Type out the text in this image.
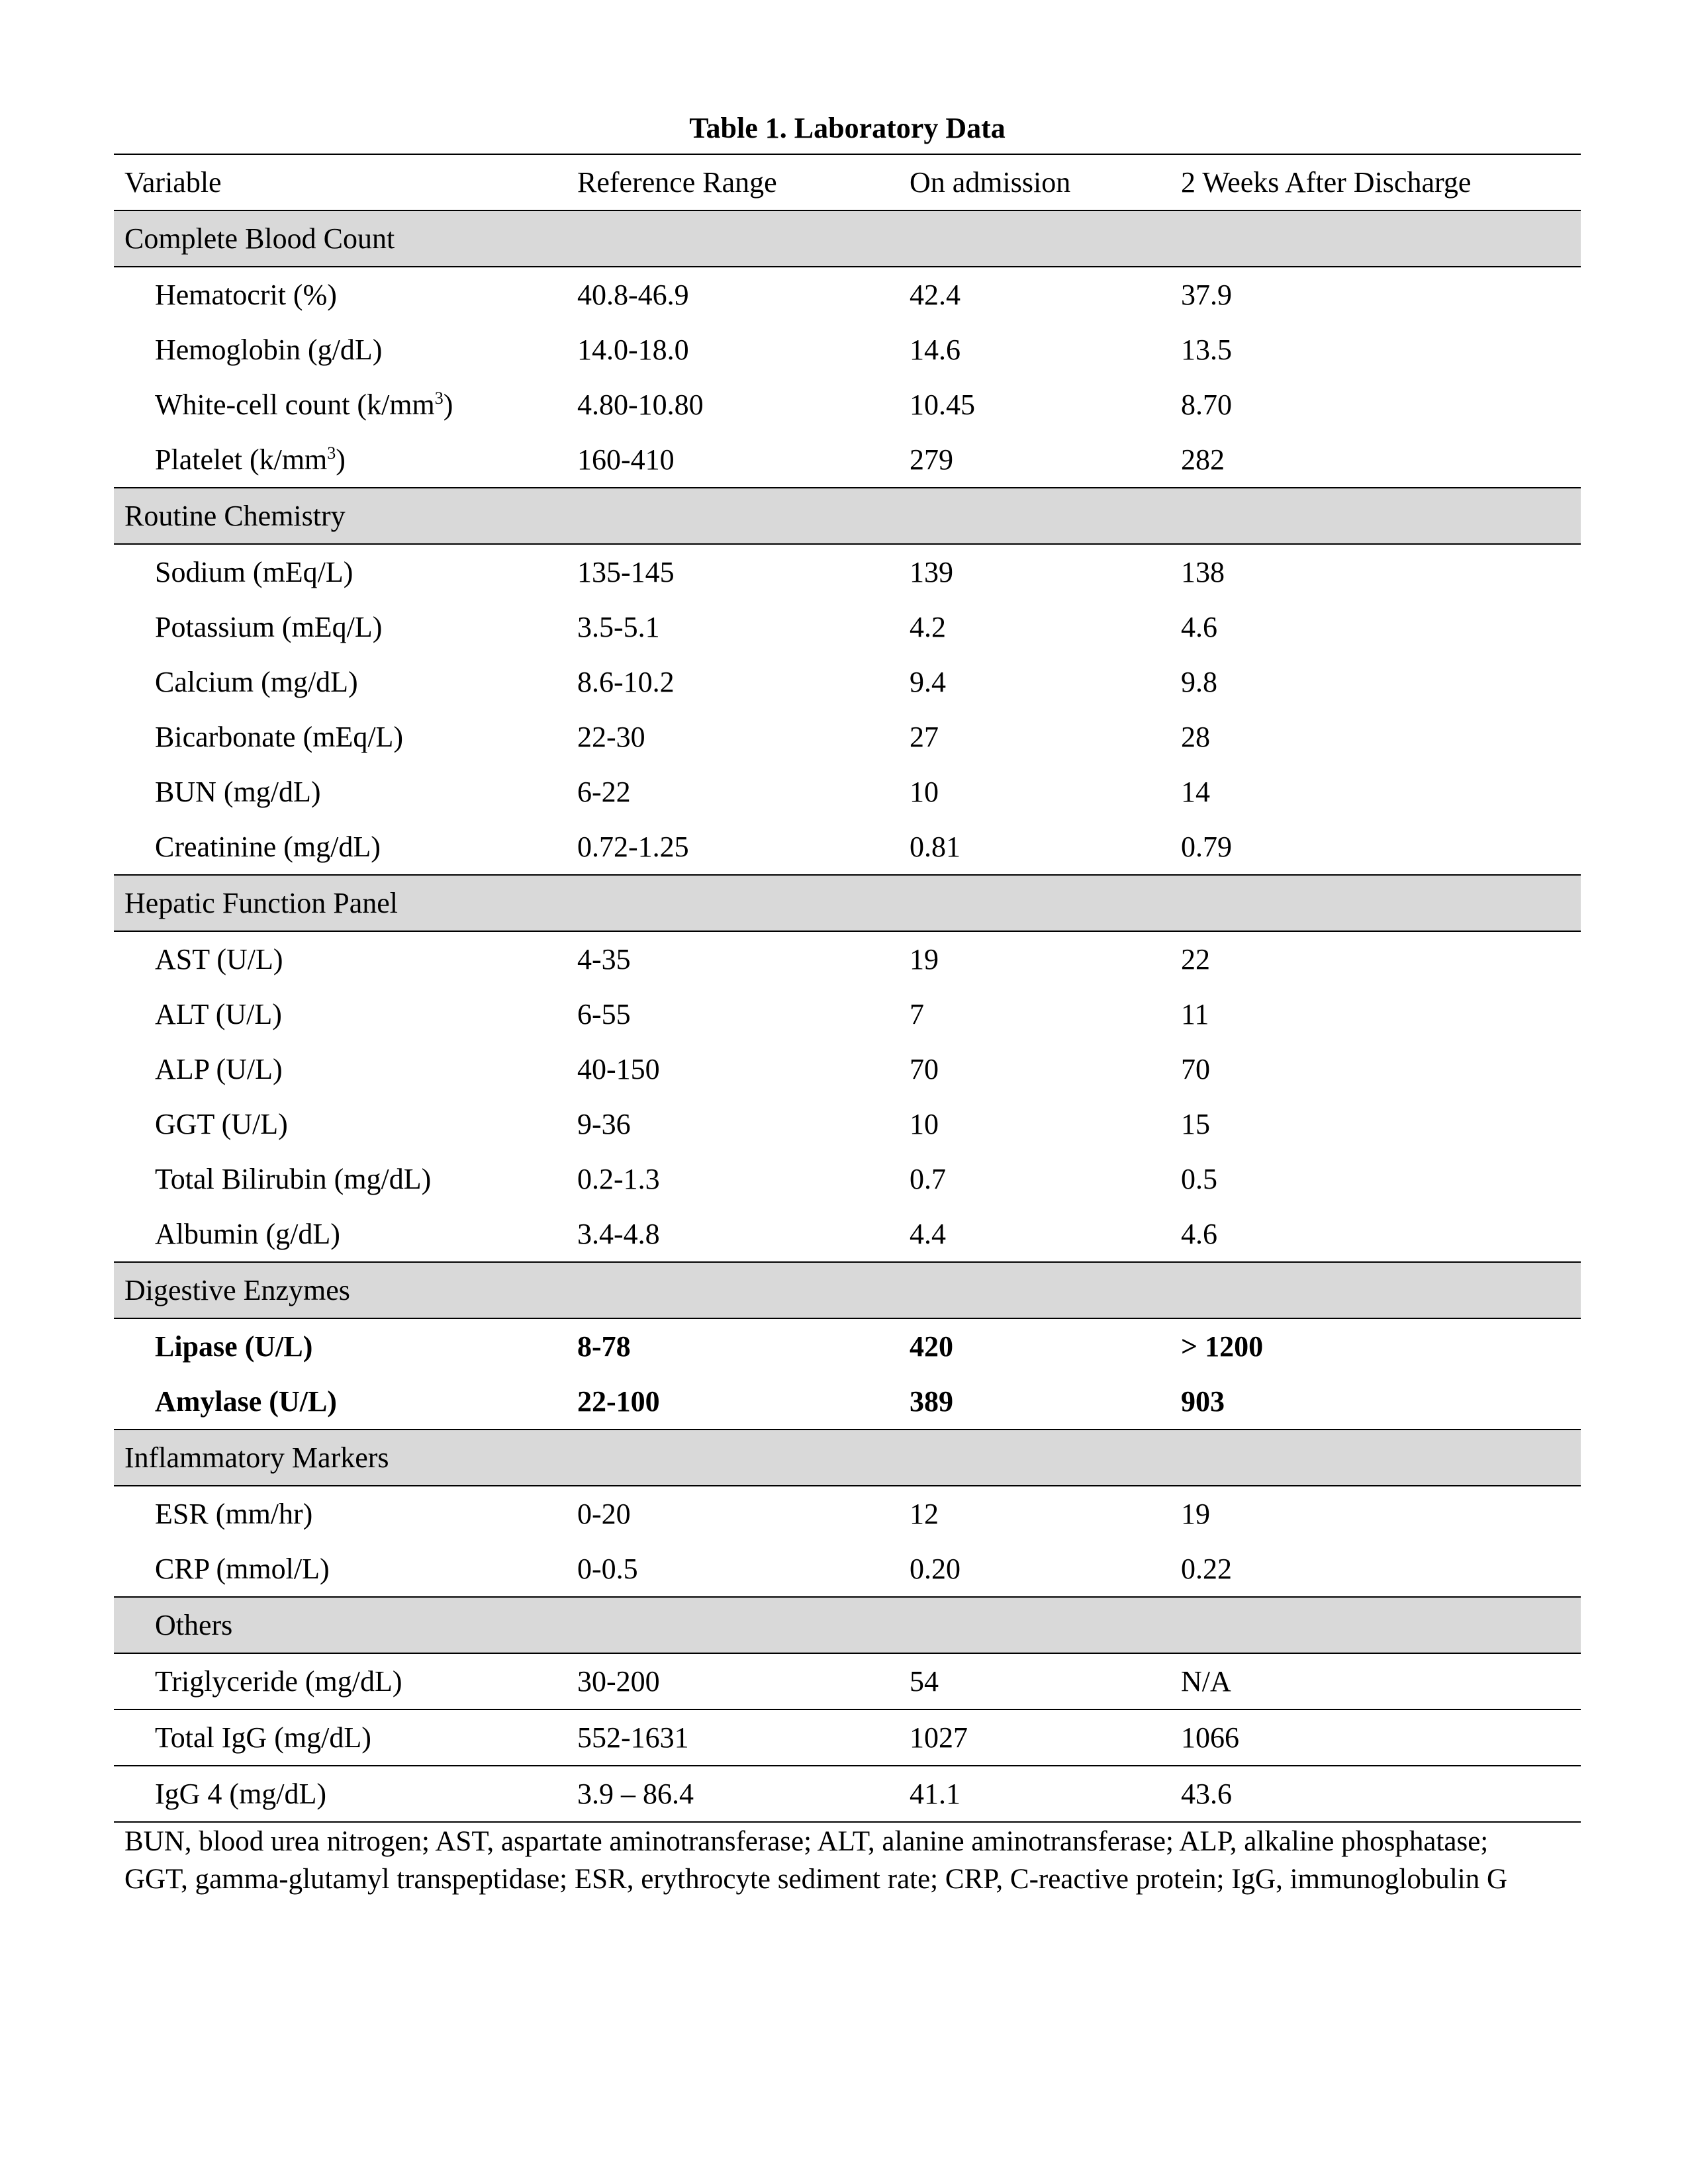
Table 1. Laboratory Data
Variable	Reference Range	On admission	2 Weeks After Discharge
Complete Blood Count			
Hematocrit (%)	40.8-46.9	42.4	37.9
Hemoglobin (g/dL)	14.0-18.0	14.6	13.5
White-cell count $(k/mm^3)$	4.80-10.80	10.45	8.70
Platelet $(k/mm^3)$	160-410	279	282
Routine Chemistry			
Sodium (mEq/L)	135-145	139	138
Potassium (mEq/L)	3.5-5.1	4.2	4.6
Calcium (mg/dL)	8.6-10.2	9.4	9.8
Bicarbonate (mEq/L)	22-30	27	28
BUN (mg/dL)	6-22	10	14
Creatinine (mg/dL)	0.72-1.25	0.81	0.79
Hepatic Function Panel			
AST (U/L)	4-35	19	22
ALT (U/L)	6-55	7	11
ALP (U/L)	40-150	70	70
GGT (U/L)	9-36	10	15
Total Bilirubin (mg/dL)	0.2-1.3	0.7	0.5
Albumin (g/dL)	3.4-4.8	4.4	4.6
Digestive Enzymes			
Lipase (U/L)	8-78	420	> 1200
Amylase (U/L)	22-100	389	903
Inflammatory Markers			
ESR (mm/hr)	0-20	12	19
CRP (mmol/L)	0-0.5	0.20	0.22
Others			
Triglyceride (mg/dL)	30-200	54	N/A
Total IgG (mg/dL)	552-1631	1027	1066
IgG 4 (mg/dL)	3.9 – 86.4	41.1	43.6

BUN, blood urea nitrogen; AST, aspartate aminotransferase; ALT, alanine aminotransferase; ALP, alkaline phosphatase;

GGT, gamma-glutamyl transpeptidase; ESR, erythrocyte sediment rate; CRP, C-reactive protein; IgG, immunoglobulin G
